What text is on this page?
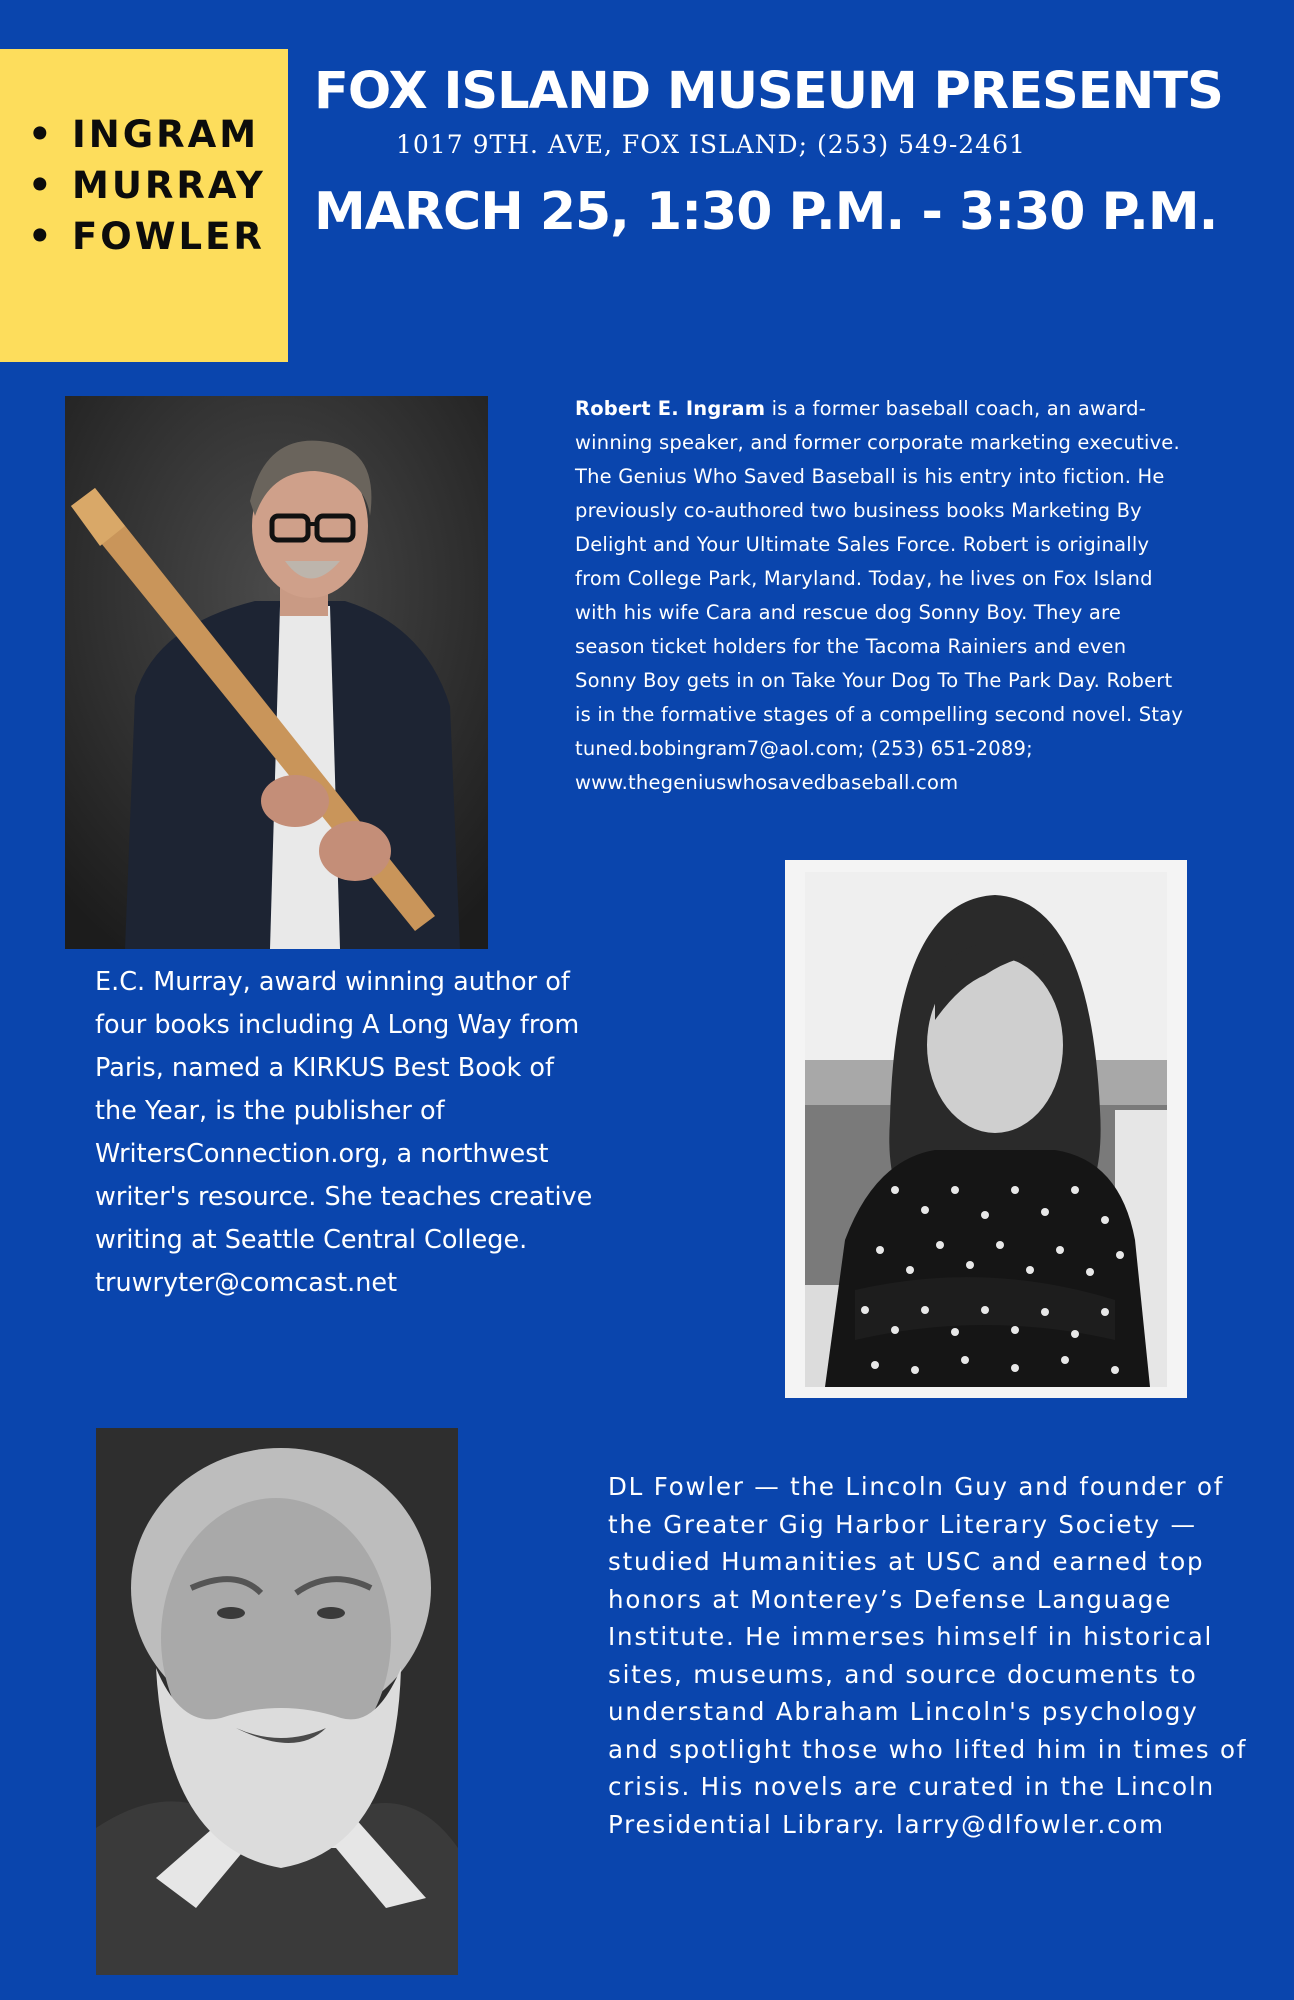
• INGRAM
• MURRAY
• FOWLER
FOX ISLAND MUSEUM PRESENTS
1017 9TH. AVE, FOX ISLAND; (253) 549-2461
MARCH 25, 1:30 P.M. - 3:30 P.M.

Robert E. Ingram is a former baseball coach, an award-winning speaker, and former corporate marketing executive. The Genius Who Saved Baseball is his entry into fiction. He previously co-authored two business books Marketing By Delight and Your Ultimate Sales Force. Robert is originally from College Park, Maryland. Today, he lives on Fox Island with his wife Cara and rescue dog Sonny Boy. They are season ticket holders for the Tacoma Rainiers and even Sonny Boy gets in on Take Your Dog To The Park Day. Robert is in the formative stages of a compelling second novel. Stay tuned.bobingram7@aol.com; (253) 651-2089; www.thegeniuswhosavedbaseball.com

E.C. Murray, award winning author of four books including A Long Way from Paris, named a KIRKUS Best Book of the Year, is the publisher of WritersConnection.org, a northwest writer's resource. She teaches creative writing at Seattle Central College. truwryter@comcast.net

DL Fowler — the Lincoln Guy and founder of the Greater Gig Harbor Literary Society — studied Humanities at USC and earned top honors at Monterey’s Defense Language Institute. He immerses himself in historical sites, museums, and source documents to understand Abraham Lincoln's psychology and spotlight those who lifted him in times of crisis. His novels are curated in the Lincoln Presidential Library. larry@dlfowler.com
